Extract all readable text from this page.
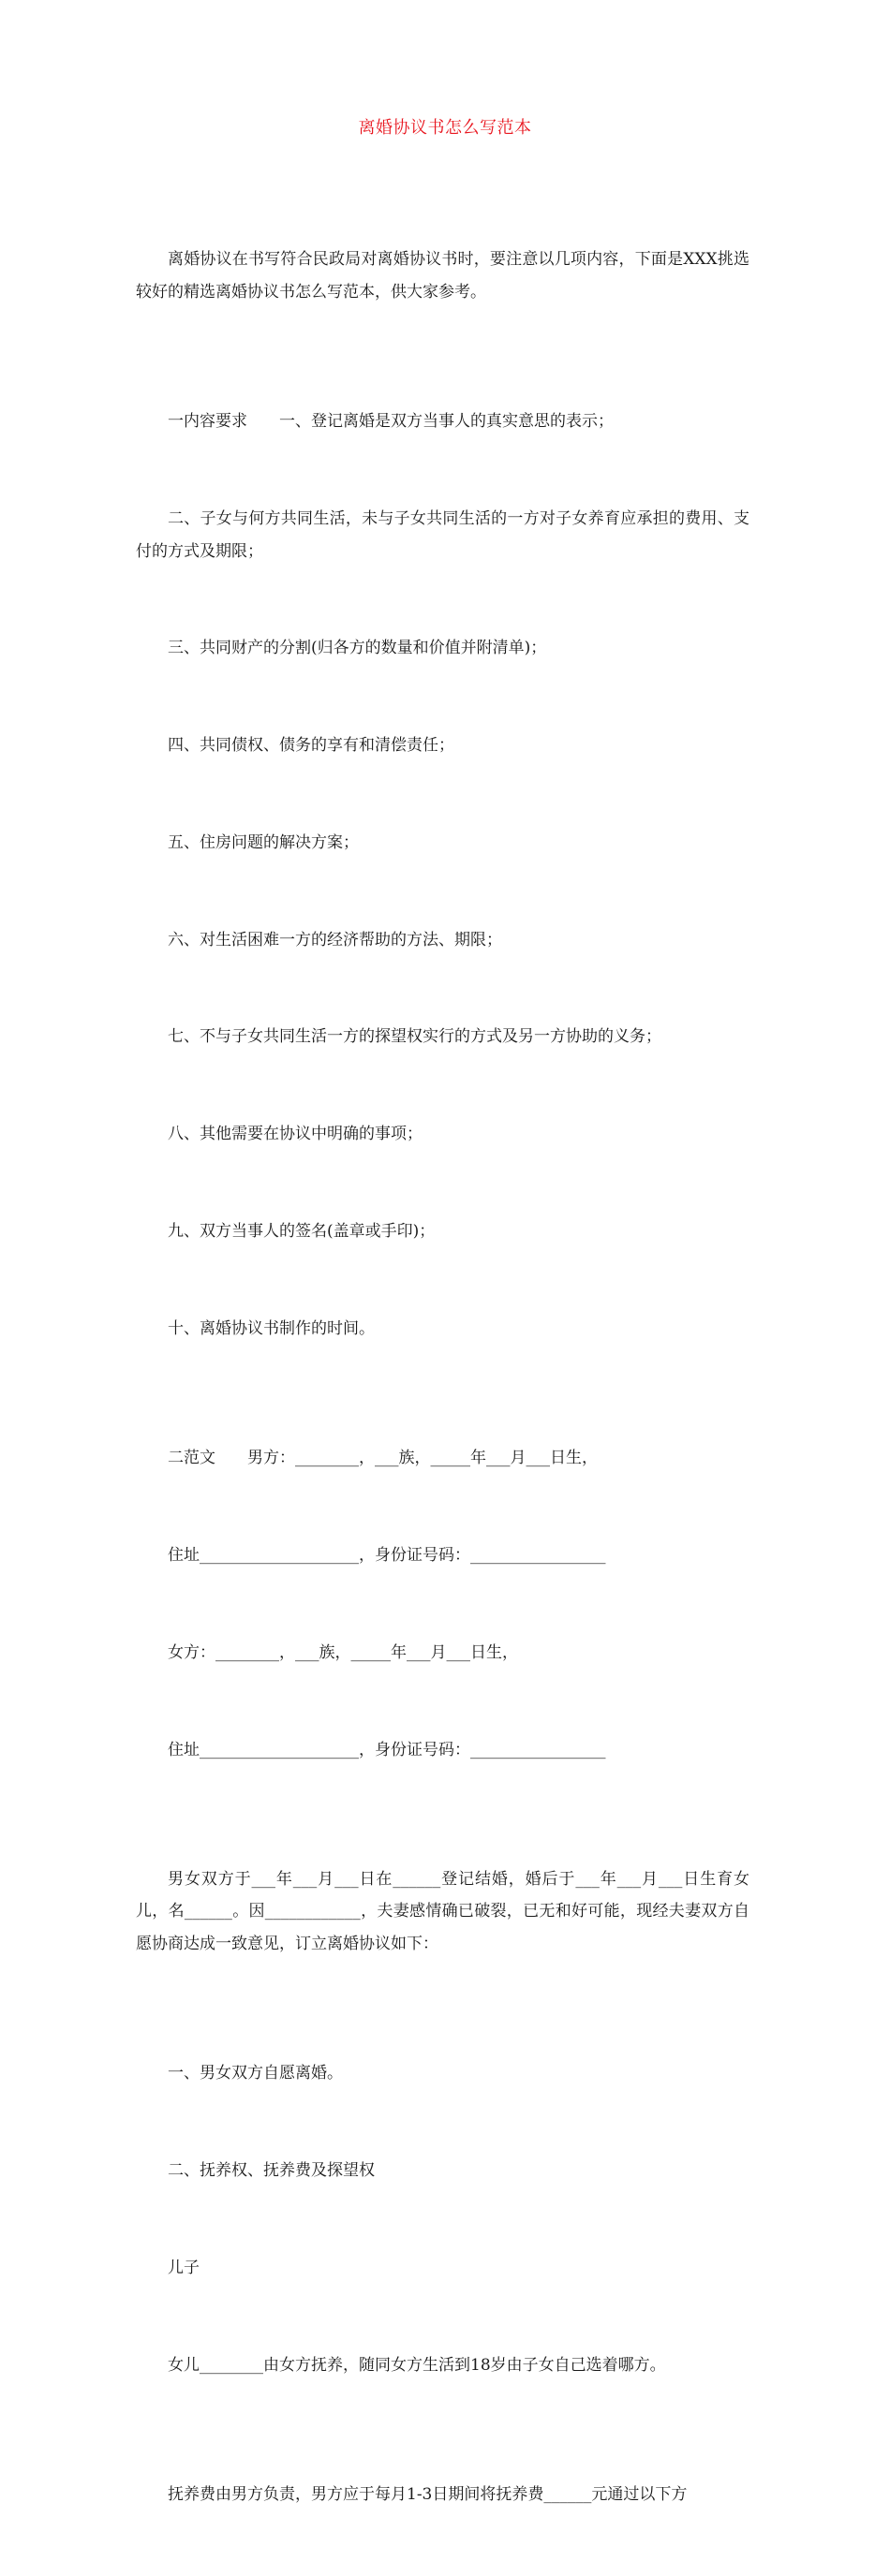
离婚协议书怎么写范本

离婚协议在书写符合民政局对离婚协议书时，要注意以几项内容，下面是XXX挑选较好的精选离婚协议书怎么写范本，供大家参考。

一内容要求　　一、登记离婚是双方当事人的真实意思的表示；

二、子女与何方共同生活，未与子女共同生活的一方对子女养育应承担的费用、支付的方式及期限；

三、共同财产的分割(归各方的数量和价值并附清单)；

四、共同债权、债务的享有和清偿责任；

五、住房问题的解决方案；

六、对生活困难一方的经济帮助的方法、期限；

七、不与子女共同生活一方的探望权实行的方式及另一方协助的义务；

八、其他需要在协议中明确的事项；

九、双方当事人的签名(盖章或手印)；

十、离婚协议书制作的时间。

二范文　　男方：________，___族，_____年___月___日生，

住址____________________，身份证号码：_________________

女方：________，___族，_____年___月___日生，

住址____________________，身份证号码：_________________

男女双方于___年___月___日在______登记结婚，婚后于___年___月___日生育女儿，名______。因____________，夫妻感情确已破裂，已无和好可能，现经夫妻双方自愿协商达成一致意见，订立离婚协议如下：

一、男女双方自愿离婚。

二、抚养权、抚养费及探望权

儿子

女儿________由女方抚养，随同女方生活到18岁由子女自己选着哪方。

抚养费由男方负责，男方应于每月1-3日期间将抚养费______元通过以下方
